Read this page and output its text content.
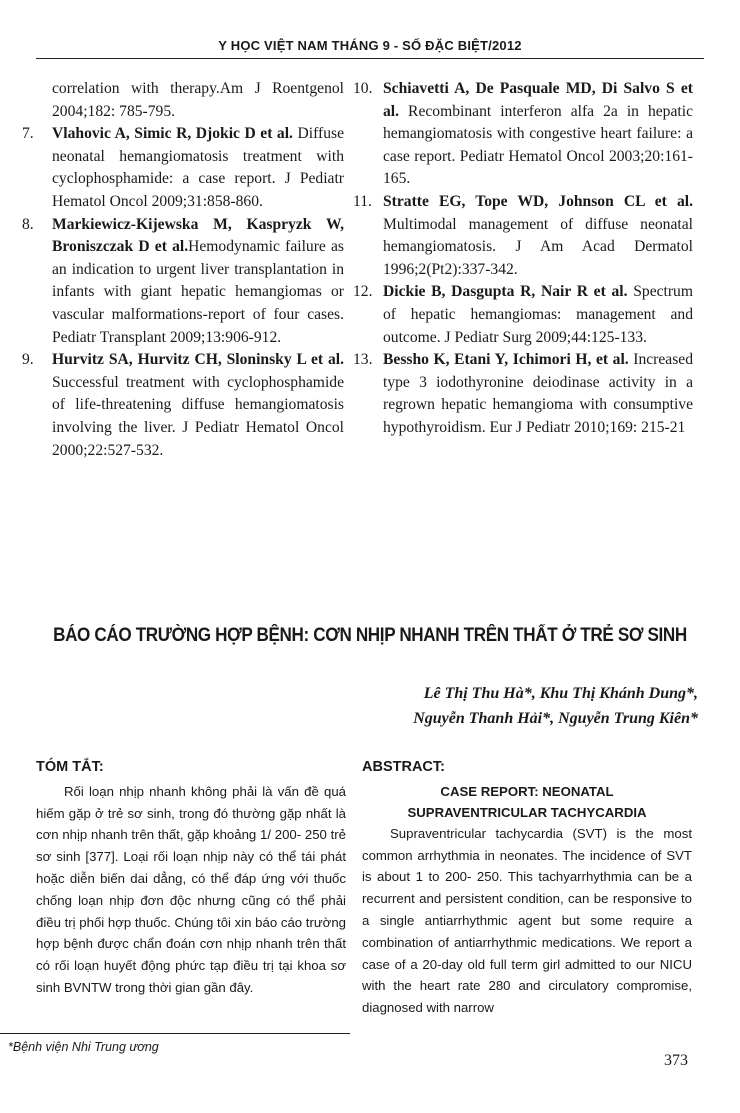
Y HỌC VIỆT NAM THÁNG 9 - SỐ ĐẶC BIỆT/2012
correlation with therapy.Am J Roentgenol 2004;182: 785-795.
7.	Vlahovic A, Simic R, Djokic D et al. Diffuse neonatal hemangiomatosis treatment with cyclophosphamide: a case report. J Pediatr Hematol Oncol 2009;31:858-860.
8.	Markiewicz-Kijewska M, Kaspryzk W, Broniszczak D et al.Hemodynamic failure as an indication to urgent liver transplantation in infants with giant hepatic hemangiomas or vascular malformations-report of four cases. Pediatr Transplant 2009;13:906-912.
9.	Hurvitz SA, Hurvitz CH, Sloninsky L et al. Successful treatment with cyclophosphamide of life-threatening diffuse hemangiomatosis involving the liver. J Pediatr Hematol Oncol 2000;22:527-532.
10. Schiavetti A, De Pasquale MD, Di Salvo S et al. Recombinant interferon alfa 2a in hepatic hemangiomatosis with congestive heart failure: a case report. Pediatr Hematol Oncol 2003;20:161-165.
11. Stratte EG, Tope WD, Johnson CL et al. Multimodal management of diffuse neonatal hemangiomatosis. J Am Acad Dermatol 1996;2(Pt2):337-342.
12. Dickie B, Dasgupta R, Nair R et al. Spectrum of hepatic hemangiomas: management and outcome. J Pediatr Surg 2009;44:125-133.
13. Bessho K, Etani Y, Ichimori H, et al. Increased type 3 iodothyronine deiodinase activity in a regrown hepatic hemangioma with consumptive hypothyroidism. Eur J Pediatr 2010;169: 215-21
BÁO CÁO TRƯỜNG HỢP BỆNH: CƠN NHỊP NHANH TRÊN THẤT Ở TRẺ SƠ SINH
Lê Thị Thu Hà*, Khu Thị Khánh Dung*,
Nguyễn Thanh Hải*, Nguyễn Trung Kiên*
TÓM TẮT:
Rối loạn nhịp nhanh không phải là vấn đề quá hiếm gặp ở trẻ sơ sinh, trong đó thường gặp nhất là cơn nhịp nhanh trên thất, gặp khoảng 1/ 200- 250 trẻ sơ sinh [377]. Loại rối loạn nhịp này có thể tái phát hoặc diễn biến dai dẳng, có thể đáp ứng với thuốc chống loạn nhịp đơn độc nhưng cũng có thể phải điều trị phối hợp thuốc. Chúng tôi xin báo cáo trường hợp bệnh được chẩn đoán cơn nhịp nhanh trên thất có rối loạn huyết động phức tạp điều trị tại khoa sơ sinh BVNTW trong thời gian gần đây.
ABSTRACT:
CASE REPORT: NEONATAL
SUPRAVENTRICULAR TACHYCARDIA
Supraventricular tachycardia (SVT) is the most common arrhythmia in neonates. The incidence of SVT is about 1 to 200- 250. This tachyarrhythmia can be a recurrent and persistent condition, can be responsive to a single antiarrhythmic agent but some require a combination of antiarrhythmic medications. We report a case of a 20-day old full term girl admitted to our NICU with the heart rate 280 and circulatory compromise, diagnosed with narrow
*Bệnh viện Nhi Trung ương
373
